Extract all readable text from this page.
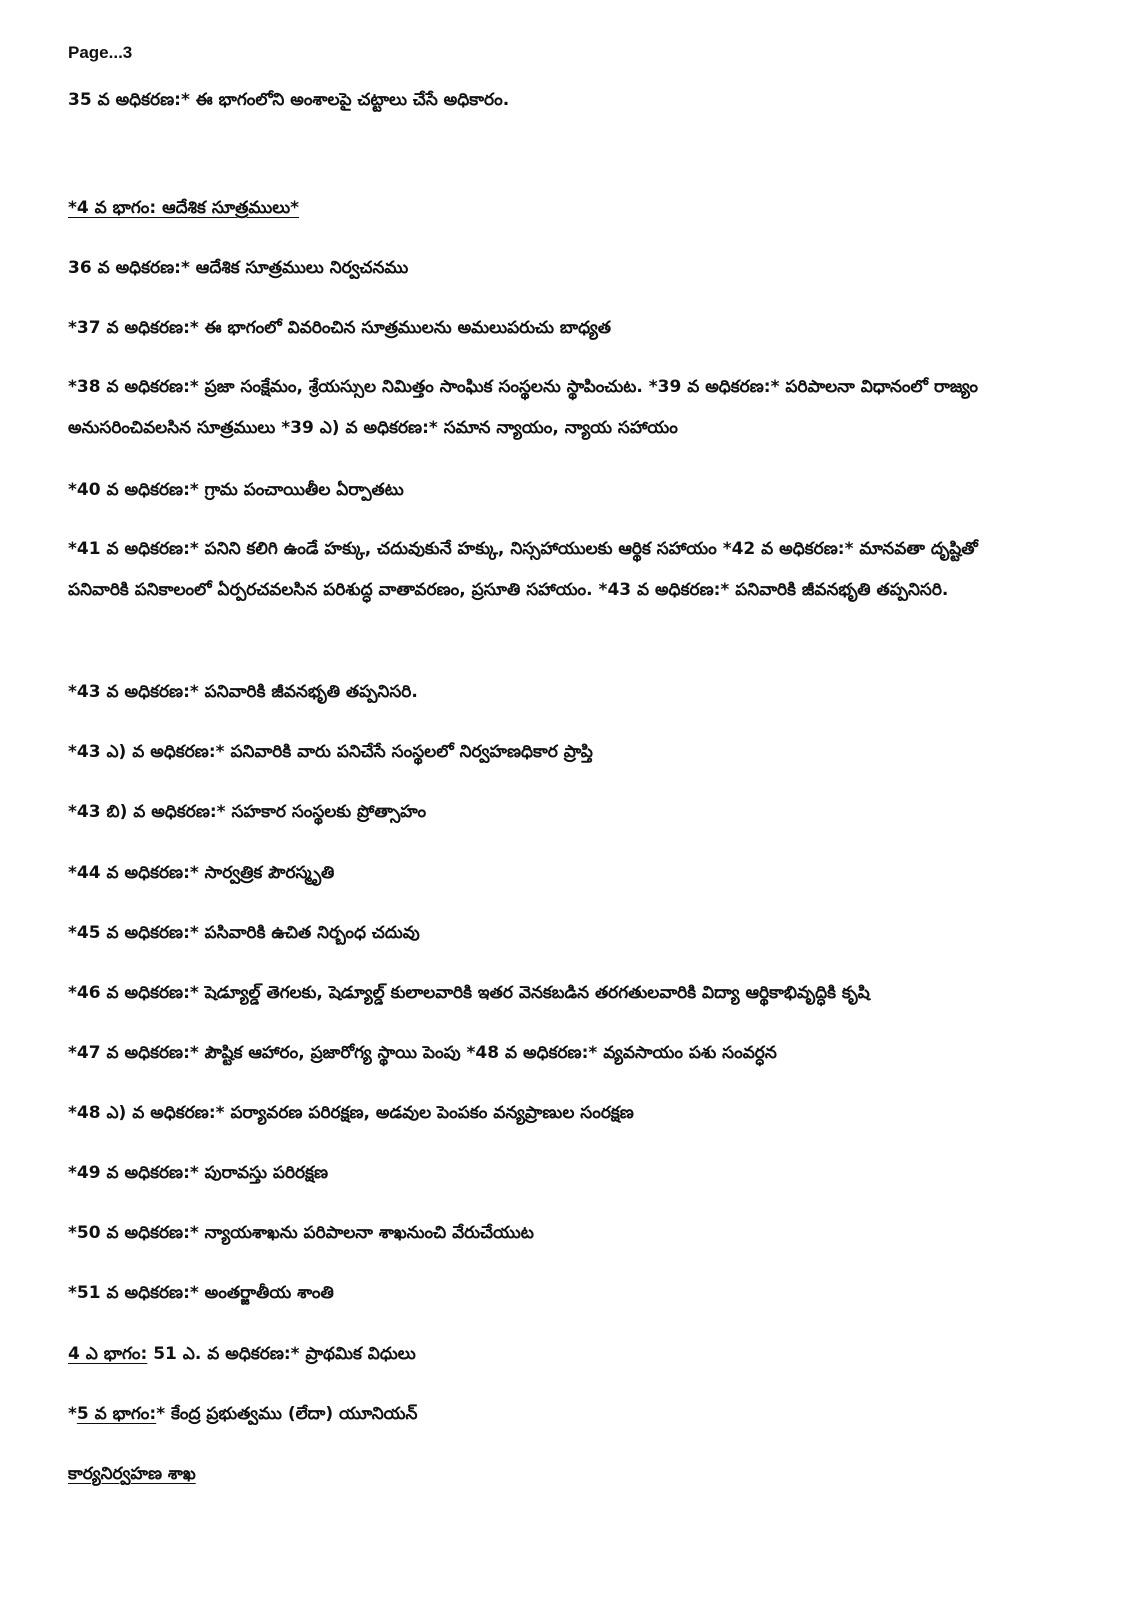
Page...3
35 వ అధికరణ:* ఈ భాగంలోని అంశాలపై చట్టాలు చేసే అధికారం.
*4 వ భాగం: ఆదేశిక సూత్రములు*
36 వ అధికరణ:* ఆదేశిక సూత్రములు నిర్వచనము
*37 వ అధికరణ:* ఈ భాగంలో వివరించిన సూత్రములను అమలుపరుచు బాధ్యత
*38 వ అధికరణ:* ప్రజా సంక్షేమం, శ్రేయస్సుల నిమిత్తం సాంఘిక సంస్థలను స్థాపించుట. *39 వ అధికరణ:* పరిపాలనా విధానంలో రాజ్యం అనుసరించివలసిన సూత్రములు *39 ఎ) వ అధికరణ:* సమాన న్యాయం, న్యాయ సహాయం
*40 వ అధికరణ:* గ్రామ పంచాయితీల ఏర్పాతటు
*41 వ అధికరణ:* పనిని కలిగి ఉండే హక్కు, చదువుకునే హక్కు, నిస్సహాయులకు ఆర్థిక సహాయం *42 వ అధికరణ:* మానవతా దృష్టితో పనివారికి పనికాలంలో ఏర్పరచవలసిన పరిశుద్ధ వాతావరణం, ప్రసూతి సహాయం. *43 వ అధికరణ:* పనివారికి జీవనభృతి తప్పనిసరి.
*43 వ అధికరణ:* పనివారికి జీవనభృతి తప్పనిసరి.
*43 ఎ) వ అధికరణ:* పనివారికి వారు పనిచేసే సంస్థలలో నిర్వహణధికార ప్రాప్తి
*43 బి) వ అధికరణ:* సహకార సంస్థలకు ప్రోత్సాహం
*44 వ అధికరణ:* సార్వత్రిక పౌరస్మృతి
*45 వ అధికరణ:* పసివారికి ఉచిత నిర్బంధ చదువు
*46 వ అధికరణ:* షెడ్యూల్డ్ తెగలకు, షెడ్యూల్డ్ కులాలవారికి ఇతర వెనకబడిన తరగతులవారికి విద్యా ఆర్థికాభివృద్ధికి కృషి
*47 వ అధికరణ:* పౌష్టిక ఆహారం, ప్రజారోగ్య స్థాయి పెంపు *48 వ అధికరణ:* వ్యవసాయం పశు సంవర్ధన
*48 ఎ) వ అధికరణ:* పర్యావరణ పరిరక్షణ, అడవుల పెంపకం వన్యప్రాణుల సంరక్షణ
*49 వ అధికరణ:* పురావస్తు పరిరక్షణ
*50 వ అధికరణ:* న్యాయశాఖను పరిపాలనా శాఖనుంచి వేరుచేయుట
*51 వ అధికరణ:* అంతర్జాతీయ శాంతి
4 ఎ భాగం: 51 ఎ. వ అధికరణ:* ప్రాథమిక విధులు
*5 వ భాగం:* కేంద్ర ప్రభుత్వము (లేదా) యూనియన్
కార్యనిర్వహణ శాఖ
